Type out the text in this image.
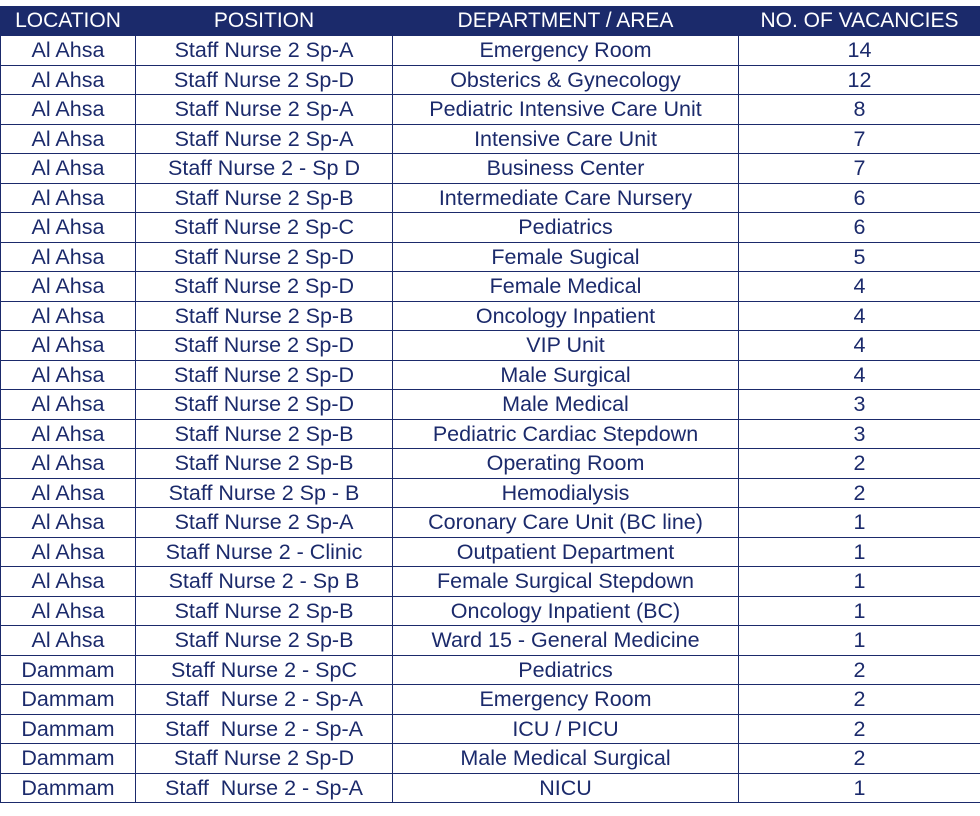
LOCATION	POSITION	DEPARTMENT / AREA	NO. OF VACANCIES
Al Ahsa	Staff Nurse 2 Sp-A	Emergency Room	14
Al Ahsa	Staff Nurse 2 Sp-D	Obsterics & Gynecology	12
Al Ahsa	Staff Nurse 2 Sp-A	Pediatric Intensive Care Unit	8
Al Ahsa	Staff Nurse 2 Sp-A	Intensive Care Unit	7
Al Ahsa	Staff Nurse 2 - Sp D	Business Center	7
Al Ahsa	Staff Nurse 2 Sp-B	Intermediate Care Nursery	6
Al Ahsa	Staff Nurse 2 Sp-C	Pediatrics	6
Al Ahsa	Staff Nurse 2 Sp-D	Female Sugical	5
Al Ahsa	Staff Nurse 2 Sp-D	Female Medical	4
Al Ahsa	Staff Nurse 2 Sp-B	Oncology Inpatient	4
Al Ahsa	Staff Nurse 2 Sp-D	VIP Unit	4
Al Ahsa	Staff Nurse 2 Sp-D	Male Surgical	4
Al Ahsa	Staff Nurse 2 Sp-D	Male Medical	3
Al Ahsa	Staff Nurse 2 Sp-B	Pediatric Cardiac Stepdown	3
Al Ahsa	Staff Nurse 2 Sp-B	Operating Room	2
Al Ahsa	Staff Nurse 2 Sp - B	Hemodialysis	2
Al Ahsa	Staff Nurse 2 Sp-A	Coronary Care Unit (BC line)	1
Al Ahsa	Staff Nurse 2 - Clinic	Outpatient Department	1
Al Ahsa	Staff Nurse 2 - Sp B	Female Surgical Stepdown	1
Al Ahsa	Staff Nurse 2 Sp-B	Oncology Inpatient (BC)	1
Al Ahsa	Staff Nurse 2 Sp-B	Ward 15 - General Medicine	1
Dammam	Staff Nurse 2 - SpC	Pediatrics	2
Dammam	Staff  Nurse 2 - Sp-A	Emergency Room	2
Dammam	Staff  Nurse 2 - Sp-A	ICU / PICU	2
Dammam	Staff Nurse 2 Sp-D	Male Medical Surgical	2
Dammam	Staff  Nurse 2 - Sp-A	NICU	1
